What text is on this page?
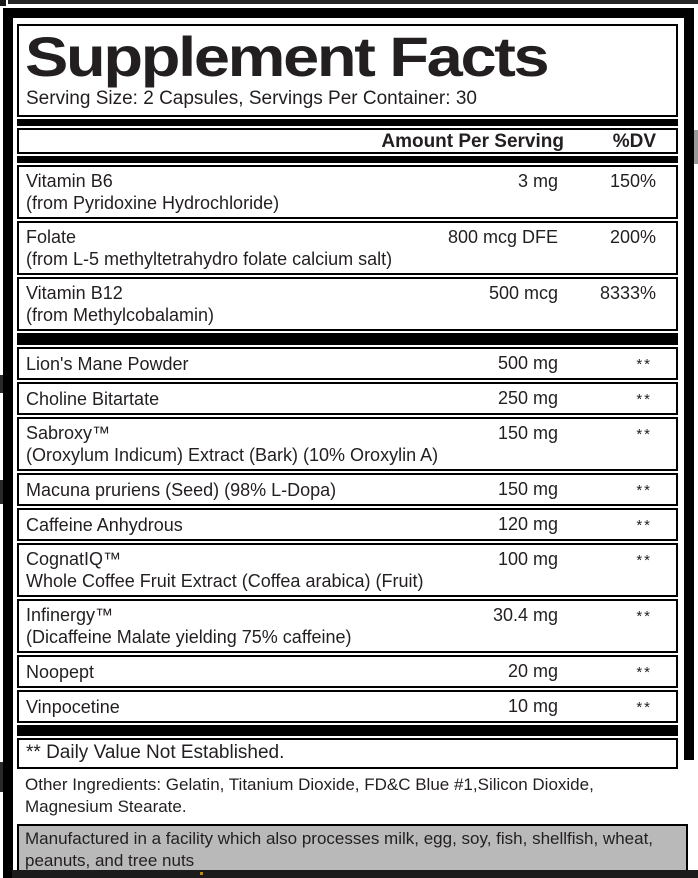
Supplement Facts
Serving Size: 2 Capsules, Servings Per Container: 30
Amount Per Serving	%DV
Vitamin B6
(from Pyridoxine Hydrochloride)
3 mg	150%
Folate
(from L-5 methyltetrahydro folate calcium salt)
800 mcg DFE	200%
Vitamin B12
(from Methylcobalamin)
500 mcg 8333%
Lion's Mane Powder	500 mg	**
Choline Bitartate	250 mg	**
Sabroxy™
(Oroxylum Indicum) Extract (Bark) (10% Oroxylin A)
150 mg	**
Macuna pruriens (Seed) (98% L-Dopa)	150 mg	**
Caffeine Anhydrous	120 mg	**
CognatIQ™
Whole Coffee Fruit Extract (Coffea arabica) (Fruit)
100 mg	**
Infinergy™
(Dicaffeine Malate yielding 75% caffeine)
30.4 mg	**
Noopept	20 mg	**
Vinpocetine	10 mg	**
** Daily Value Not Established.
Other Ingredients: Gelatin, Titanium Dioxide, FD&C Blue #1,Silicon Dioxide, Magnesium Stearate.
Manufactured in a facility which also processes milk, egg, soy, fish, shellfish, wheat, peanuts, and tree nuts
